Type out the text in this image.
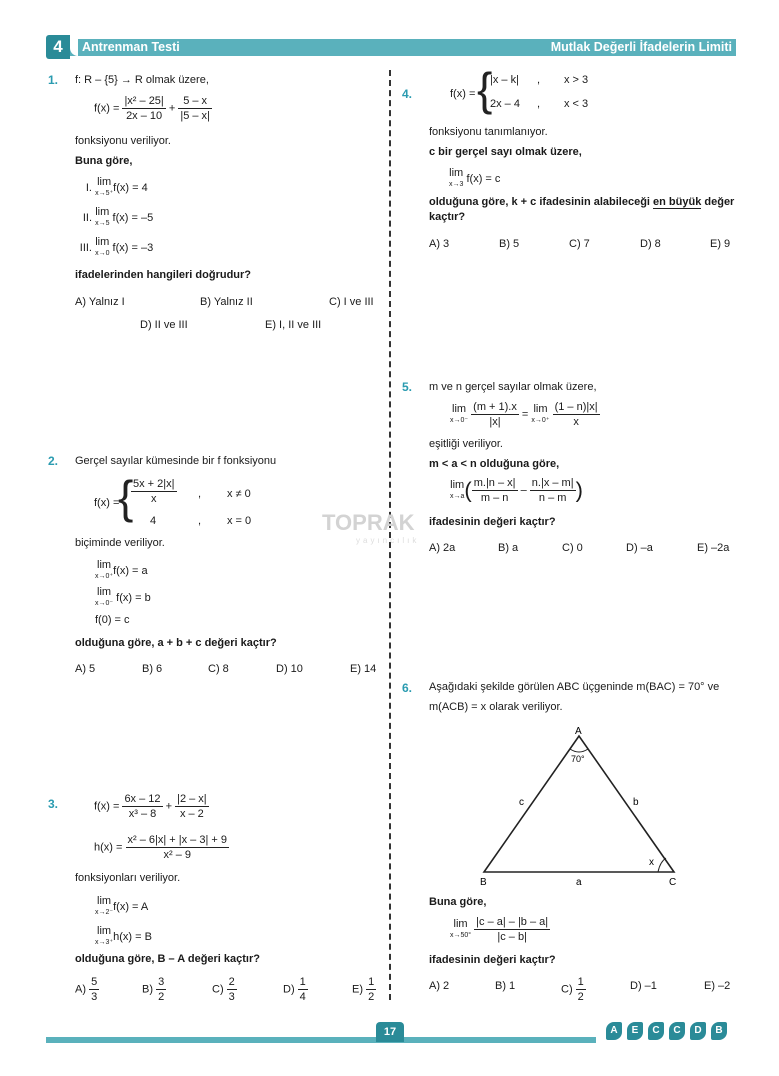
4	Antrenman Testi	Mutlak Değerli İfadelerin Limiti
TOPRAK
yayıncılık
1. f: R – {5} → R olmak üzere,
$f(x) = \frac{\text{|x² – 25|}}{2x - 10} + \frac{5 - x}{|5 - x|}$
fonksiyonu veriliyor.
Buna göre,
I. lim
x→5⁺ f(x) = 4
II. lim
x→5 f(x) = –5
III. lim
x→0 f(x) = –3
ifadelerinden hangileri doğrudur?
A) Yalnız I	B) Yalnız II	C) I ve III
D) II ve III	E) I, II ve III
2. Gerçel sayılar kümesinde bir f fonksiyonu
f(x) =
{
$\frac{5x + 2|x|}{x}$ , x ≠ 0
4	, x = 0
biçiminde veriliyor.
lim
x→0⁺ f(x) = a
lim
x→0⁻ f(x) = b
f(0) = c
olduğuna göre, a + b + c değeri kaçtır?
A) 5	B) 6	C) 8	D) 10	E) 14
3.	$f(x) = \frac{6x - 12}{\text{x³ – 8}} + \frac{|2 - x|}{x - 2}$
$h(x) = \frac{\text{x² – 6|x| + |x – 3| + 9}}{\text{x² – 9}}$
fonksiyonları veriliyor.
lim
x→2⁻ f(x) = A
lim
x→3⁺ h(x) = B
olduğuna göre, B – A değeri kaçtır?
$A) \frac{5}{3}$	$B) \frac{3}{2}$	$C) \frac{2}{3}$	$D) \frac{1}{4}$	$E) \frac{1}{2}$
4.	f(x) = {
|x – k| , x > 3
2x – 4 , x < 3
fonksiyonu tanımlanıyor.
c bir gerçel sayı olmak üzere,
lim
x→3 f(x) = c
olduğuna göre, k + c ifadesinin alabileceği en büyük değer
kaçtır?
A) 3	B) 5	C) 7	D) 8	E) 9
5. m ve n gerçel sayılar olmak üzere,
lim
x→0⁻
$\frac{(m + 1).x}{|x|} = \lim$
x→0⁺
$\frac{(1 - n)|x|}{x}$
eşitliği veriliyor.
m < a < n olduğuna göre,
lim
x→a ( $\frac{m.|n - x|}{m - n} - \frac{n.|x - m|}{n - m}$ )
ifadesinin değeri kaçtır?
A) 2a	B) a	C) 0	D) –a	E) –2a
6. Aşağıdaki şekilde görülen ABC üçgeninde m(BAC) = 70° ve
m(ACB) = x olarak veriliyor.
A
B	C
70°
x
a
b
c
Buna göre,
lim
x→50°
$\frac{|c - a| - |b - a|}{|c - b|}$
ifadesinin değeri kaçtır?
A) 2	B) 1	$C) \frac{1}{2}$	D) –1	E) –2
17	A	E	C	C	D	B
